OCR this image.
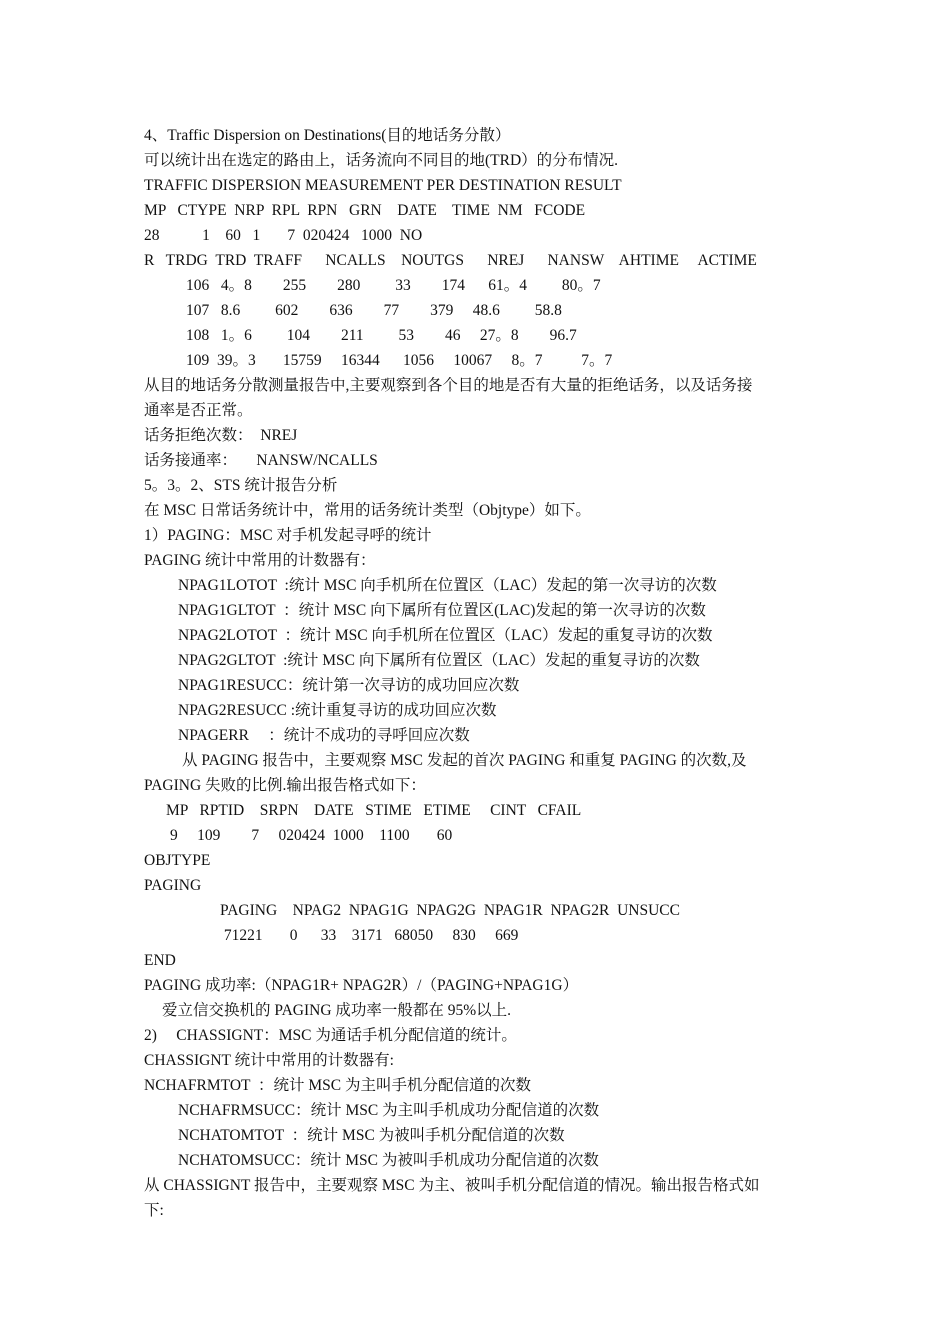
4、Traffic Dispersion on Destinations(目的地话务分散）
可以统计出在选定的路由上，话务流向不同目的地(TRD）的分布情况.
TRAFFIC DISPERSION MEASUREMENT PER DESTINATION RESULT
MP   CTYPE  NRP  RPL  RPN   GRN    DATE    TIME  NM   FCODE
28           1    60   1       7  020424   1000  NO
R   TRDG  TRD  TRAFF      NCALLS    NOUTGS      NREJ      NANSW    AHTIME     ACTIME
106   4。8        255        280         33        174      61。4         80。7
107   8.6         602        636        77        379     48.6         58.8
108   1。6         104        211         53        46     27。8        96.7
109  39。3       15759     16344      1056     10067     8。7          7。7
从目的地话务分散测量报告中,主要观察到各个目的地是否有大量的拒绝话务，以及话务接
通率是否正常。
话务拒绝次数：  NREJ
话务接通率：     NANSW/NCALLS
5。3。2、STS 统计报告分析
在 MSC 日常话务统计中，常用的话务统计类型（Objtype）如下。
1）PAGING：MSC 对手机发起寻呼的统计
PAGING 统计中常用的计数器有：
NPAG1LOTOT  :统计 MSC 向手机所在位置区（LAC）发起的第一次寻访的次数
NPAG1GLTOT  ：统计 MSC 向下属所有位置区(LAC)发起的第一次寻访的次数
NPAG2LOTOT  ：统计 MSC 向手机所在位置区（LAC）发起的重复寻访的次数
NPAG2GLTOT  :统计 MSC 向下属所有位置区（LAC）发起的重复寻访的次数
NPAG1RESUCC：统计第一次寻访的成功回应次数
NPAG2RESUCC :统计重复寻访的成功回应次数
NPAGERR     ：统计不成功的寻呼回应次数
从 PAGING 报告中，主要观察 MSC 发起的首次 PAGING 和重复 PAGING 的次数,及
PAGING 失败的比例.输出报告格式如下：
MP   RPTID    SRPN    DATE   STIME   ETIME     CINT   CFAIL
9     109        7     020424  1000    1100       60
OBJTYPE
PAGING
PAGING    NPAG2  NPAG1G  NPAG2G  NPAG1R  NPAG2R  UNSUCC
71221       0      33    3171   68050     830     669
END
PAGING 成功率:（NPAG1R+ NPAG2R）/（PAGING+NPAG1G）
爱立信交换机的 PAGING 成功率一般都在 95%以上.
2)     CHASSIGNT：MSC 为通话手机分配信道的统计。
CHASSIGNT 统计中常用的计数器有:
NCHAFRMTOT  ：统计 MSC 为主叫手机分配信道的次数
NCHAFRMSUCC：统计 MSC 为主叫手机成功分配信道的次数
NCHATOMTOT  ：统计 MSC 为被叫手机分配信道的次数
NCHATOMSUCC：统计 MSC 为被叫手机成功分配信道的次数
从 CHASSIGNT 报告中，主要观察 MSC 为主、被叫手机分配信道的情况。输出报告格式如
下:
